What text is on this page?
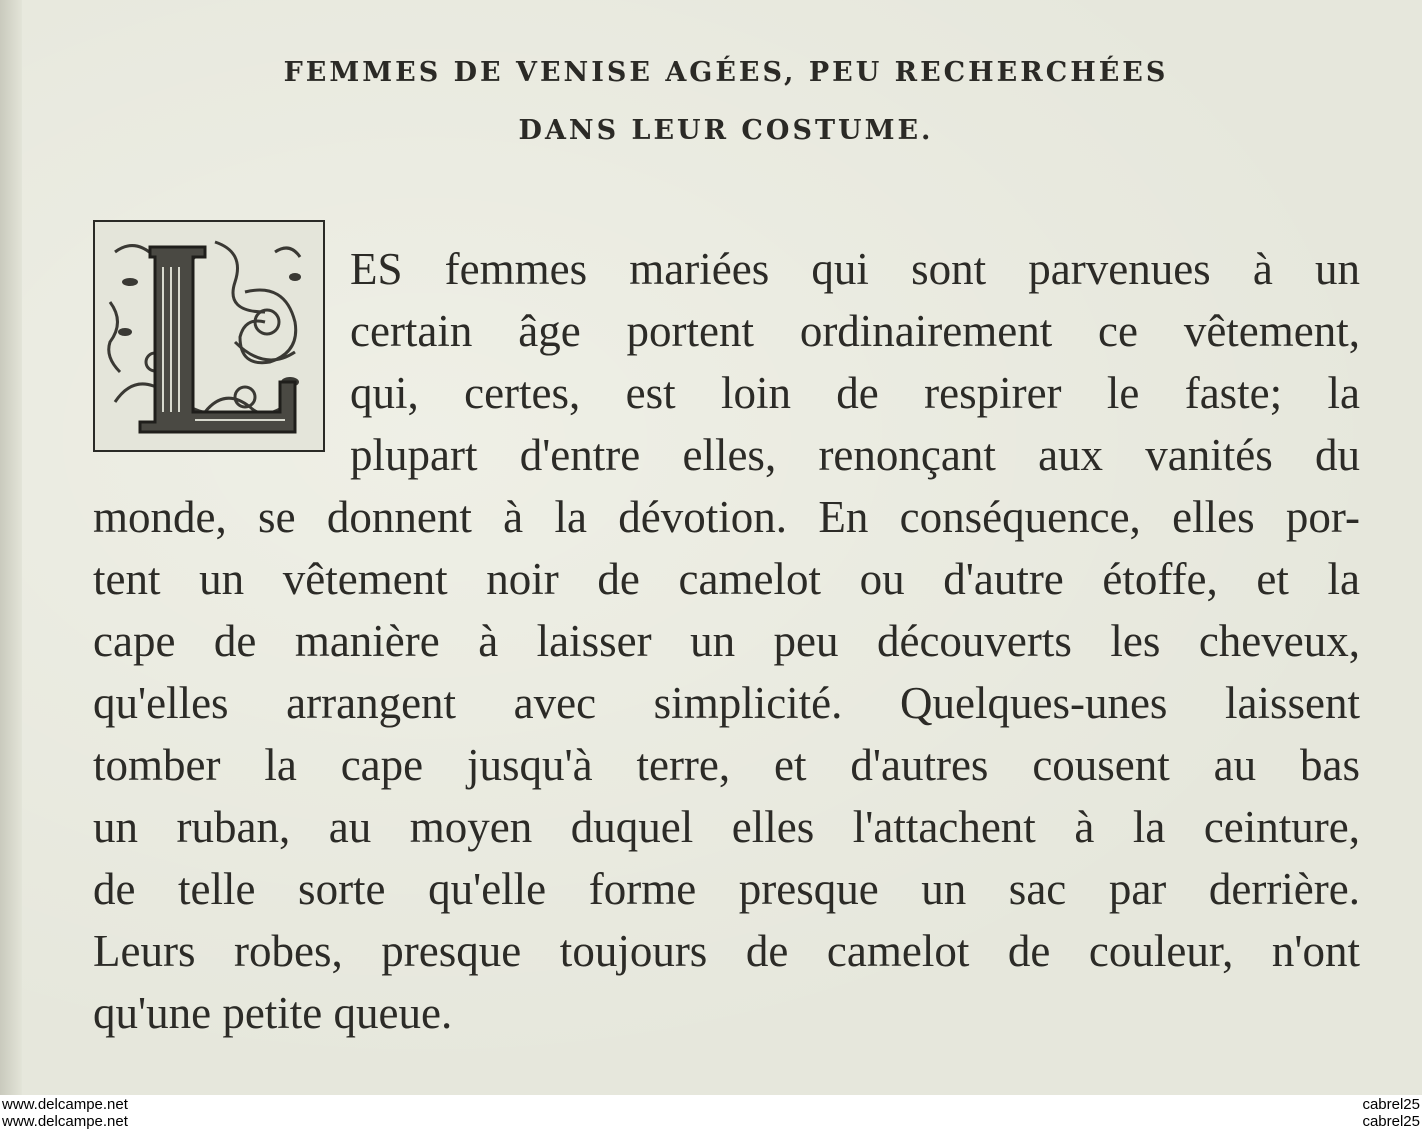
FEMMES DE VENISE AGÉES, PEU RECHERCHÉES
DANS LEUR COSTUME.
ES femmes mariées qui sont parvenues à un
certain âge portent ordinairement ce vêtement,
qui, certes, est loin de respirer le faste; la
plupart d'entre elles, renonçant aux vanités du
monde, se donnent à la dévotion. En conséquence, elles por-
tent un vêtement noir de camelot ou d'autre étoffe, et la
cape de manière à laisser un peu découverts les cheveux,
qu'elles arrangent avec simplicité. Quelques-unes laissent
tomber la cape jusqu'à terre, et d'autres cousent au bas
un ruban, au moyen duquel elles l'attachent à la ceinture,
de telle sorte qu'elle forme presque un sac par derrière.
Leurs robes, presque toujours de camelot de couleur, n'ont
qu'une petite queue.
www.delcampe.net
www.delcampe.net
cabrel25
cabrel25
